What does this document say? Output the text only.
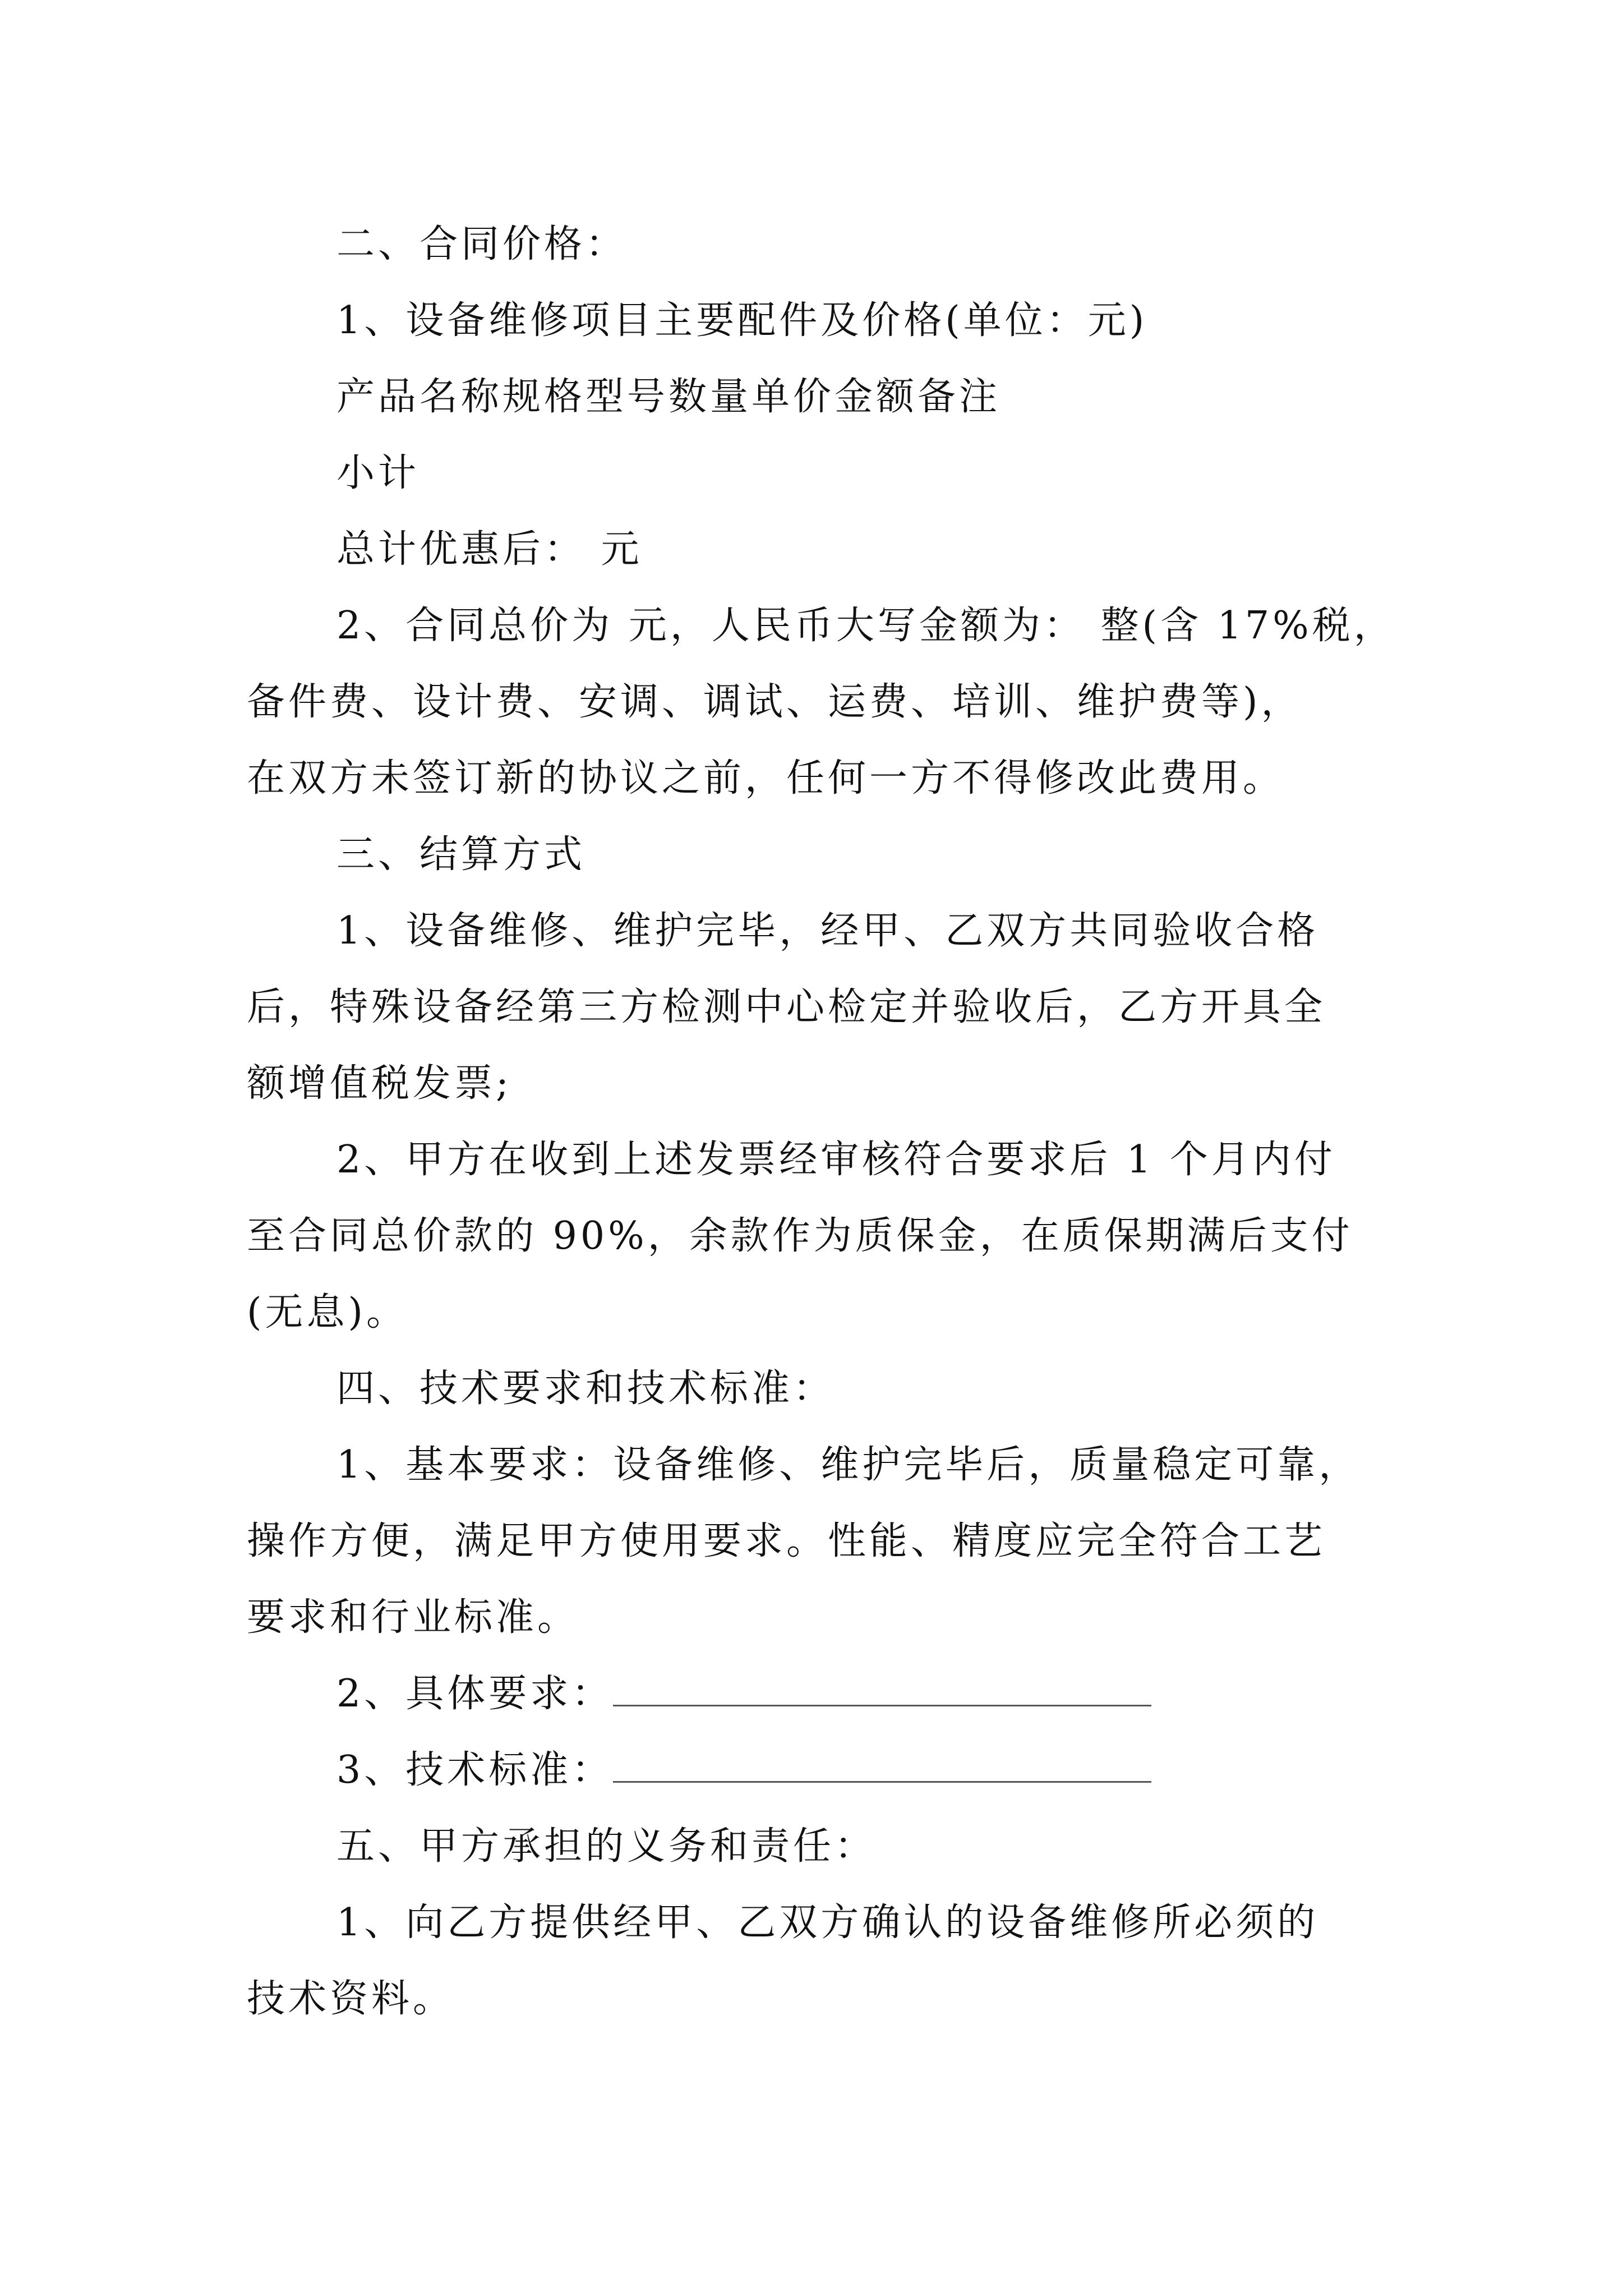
二、合同价格：
1、设备维修项目主要配件及价格(单位：元)
产品名称规格型号数量单价金额备注
小计
总计优惠后： 元
2、合同总价为 元，人民币大写金额为： 整(含 17%税，
备件费、设计费、安调、调试、运费、培训、维护费等)，
在双方未签订新的协议之前，任何一方不得修改此费用。
三、结算方式
1、设备维修、维护完毕，经甲、乙双方共同验收合格
后，特殊设备经第三方检测中心检定并验收后，乙方开具全
额增值税发票;
2、甲方在收到上述发票经审核符合要求后 1 个月内付
至合同总价款的 90%，余款作为质保金，在质保期满后支付
(无息)。
四、技术要求和技术标准：
1、基本要求：设备维修、维护完毕后，质量稳定可靠，
操作方便，满足甲方使用要求。性能、精度应完全符合工艺
要求和行业标准。
2、具体要求：
3、技术标准：
五、甲方承担的义务和责任：
1、向乙方提供经甲、乙双方确认的设备维修所必须的
技术资料。
